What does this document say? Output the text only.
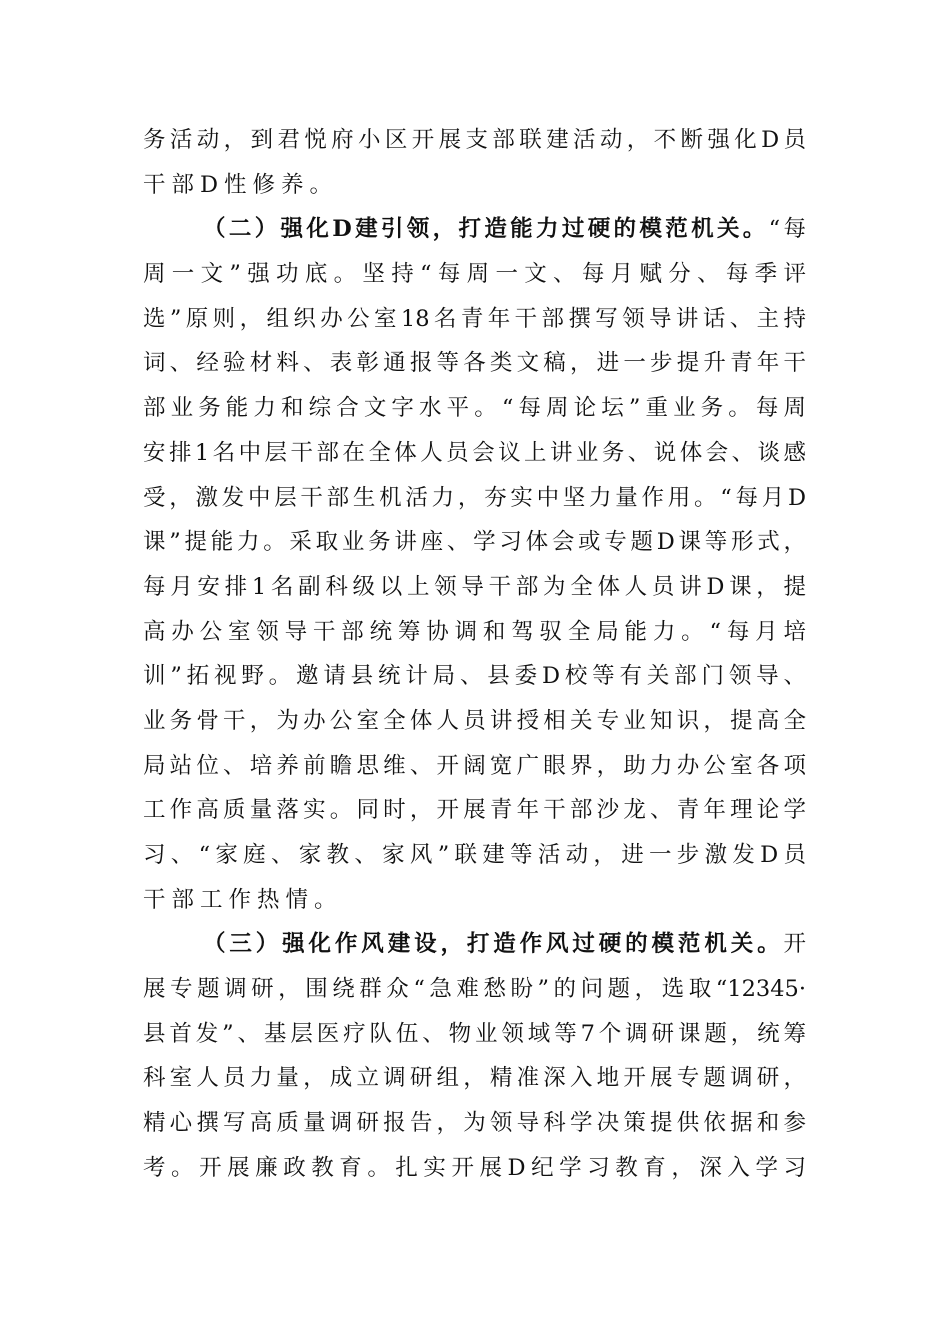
务活动，到君悦府小区开展支部联建活动，不断强化D员
干部D性修养。
（二）强化D建引领，打造能力过硬的模范机关。“每
周一文”强功底。坚持“每周一文、每月赋分、每季评
选”原则，组织办公室18名青年干部撰写领导讲话、主持
词、经验材料、表彰通报等各类文稿，进一步提升青年干
部业务能力和综合文字水平。“每周论坛”重业务。每周
安排1名中层干部在全体人员会议上讲业务、说体会、谈感
受，激发中层干部生机活力，夯实中坚力量作用。“每月D
课”提能力。采取业务讲座、学习体会或专题D课等形式，
每月安排1名副科级以上领导干部为全体人员讲D课，提
高办公室领导干部统筹协调和驾驭全局能力。“每月培
训”拓视野。邀请县统计局、县委D校等有关部门领导、
业务骨干，为办公室全体人员讲授相关专业知识，提高全
局站位、培养前瞻思维、开阔宽广眼界，助力办公室各项
工作高质量落实。同时，开展青年干部沙龙、青年理论学
习、“家庭、家教、家风”联建等活动，进一步激发D员
干部工作热情。
（三）强化作风建设，打造作风过硬的模范机关。开
展专题调研，围绕群众“急难愁盼”的问题，选取“12345·
县首发”、基层医疗队伍、物业领域等7个调研课题，统筹
科室人员力量，成立调研组，精准深入地开展专题调研，
精心撰写高质量调研报告，为领导科学决策提供依据和参
考。开展廉政教育。扎实开展D纪学习教育，深入学习
